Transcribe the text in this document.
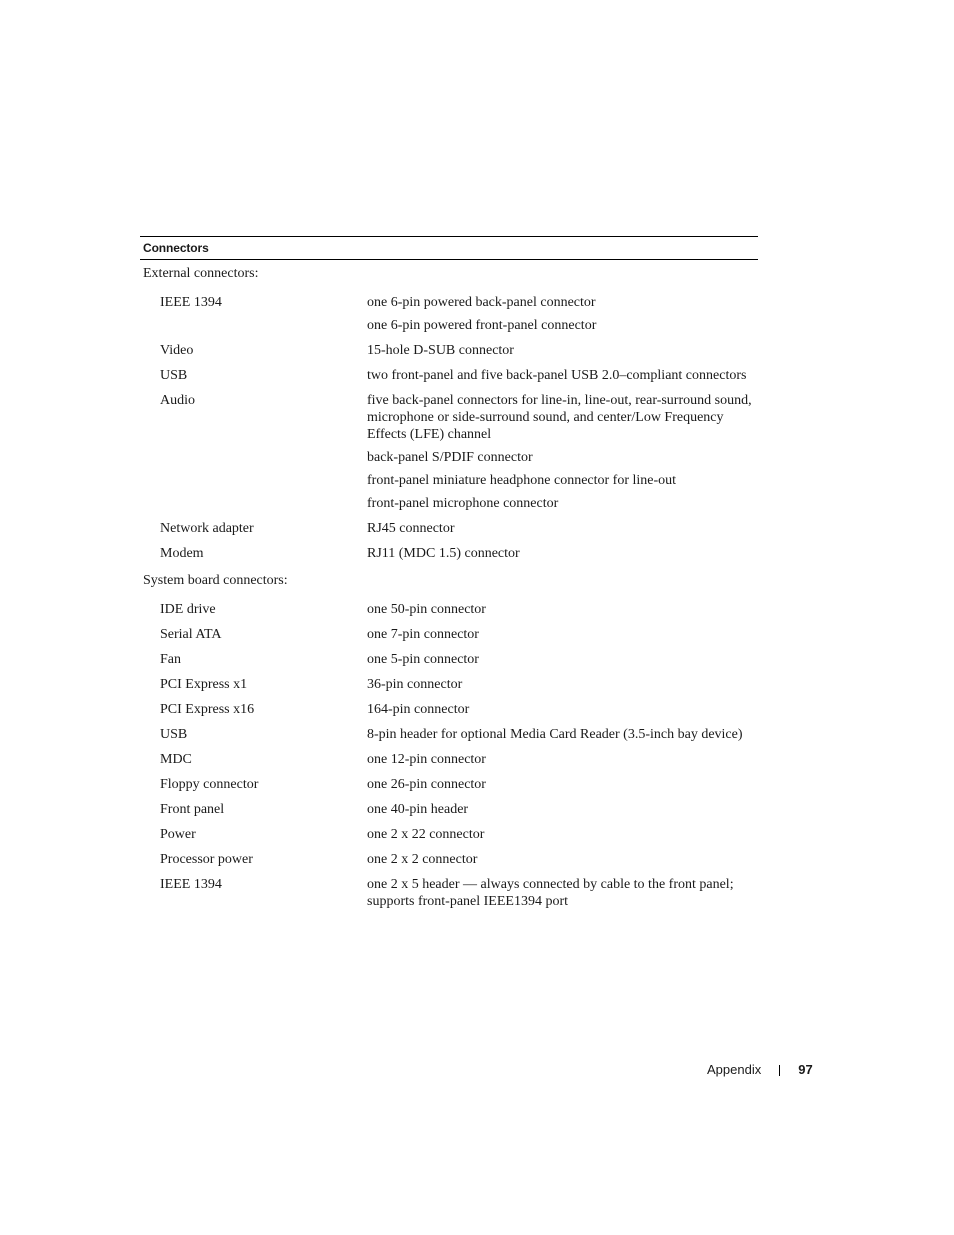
Connectors
External connectors:
IEEE 1394	one 6-pin powered back-panel connector
one 6-pin powered front-panel connector
Video	15-hole D-SUB connector
USB	two front-panel and five back-panel USB 2.0–compliant connectors
Audio	five back-panel connectors for line-in, line-out, rear-surround sound, microphone or side-surround sound, and center/Low Frequency Effects (LFE) channel
back-panel S/PDIF connector
front-panel miniature headphone connector for line-out
front-panel microphone connector
Network adapter	RJ45 connector
Modem	RJ11 (MDC 1.5) connector
System board connectors:
IDE drive	one 50-pin connector
Serial ATA	one 7-pin connector
Fan	one 5-pin connector
PCI Express x1	36-pin connector
PCI Express x16	164-pin connector
USB	8-pin header for optional Media Card Reader (3.5-inch bay device)
MDC	one 12-pin connector
Floppy connector	one 26-pin connector
Front panel	one 40-pin header
Power	one 2 x 22 connector
Processor power	one 2 x 2 connector
IEEE 1394	one 2 x 5 header — always connected by cable to the front panel; supports front-panel IEEE1394 port
Appendix	97
